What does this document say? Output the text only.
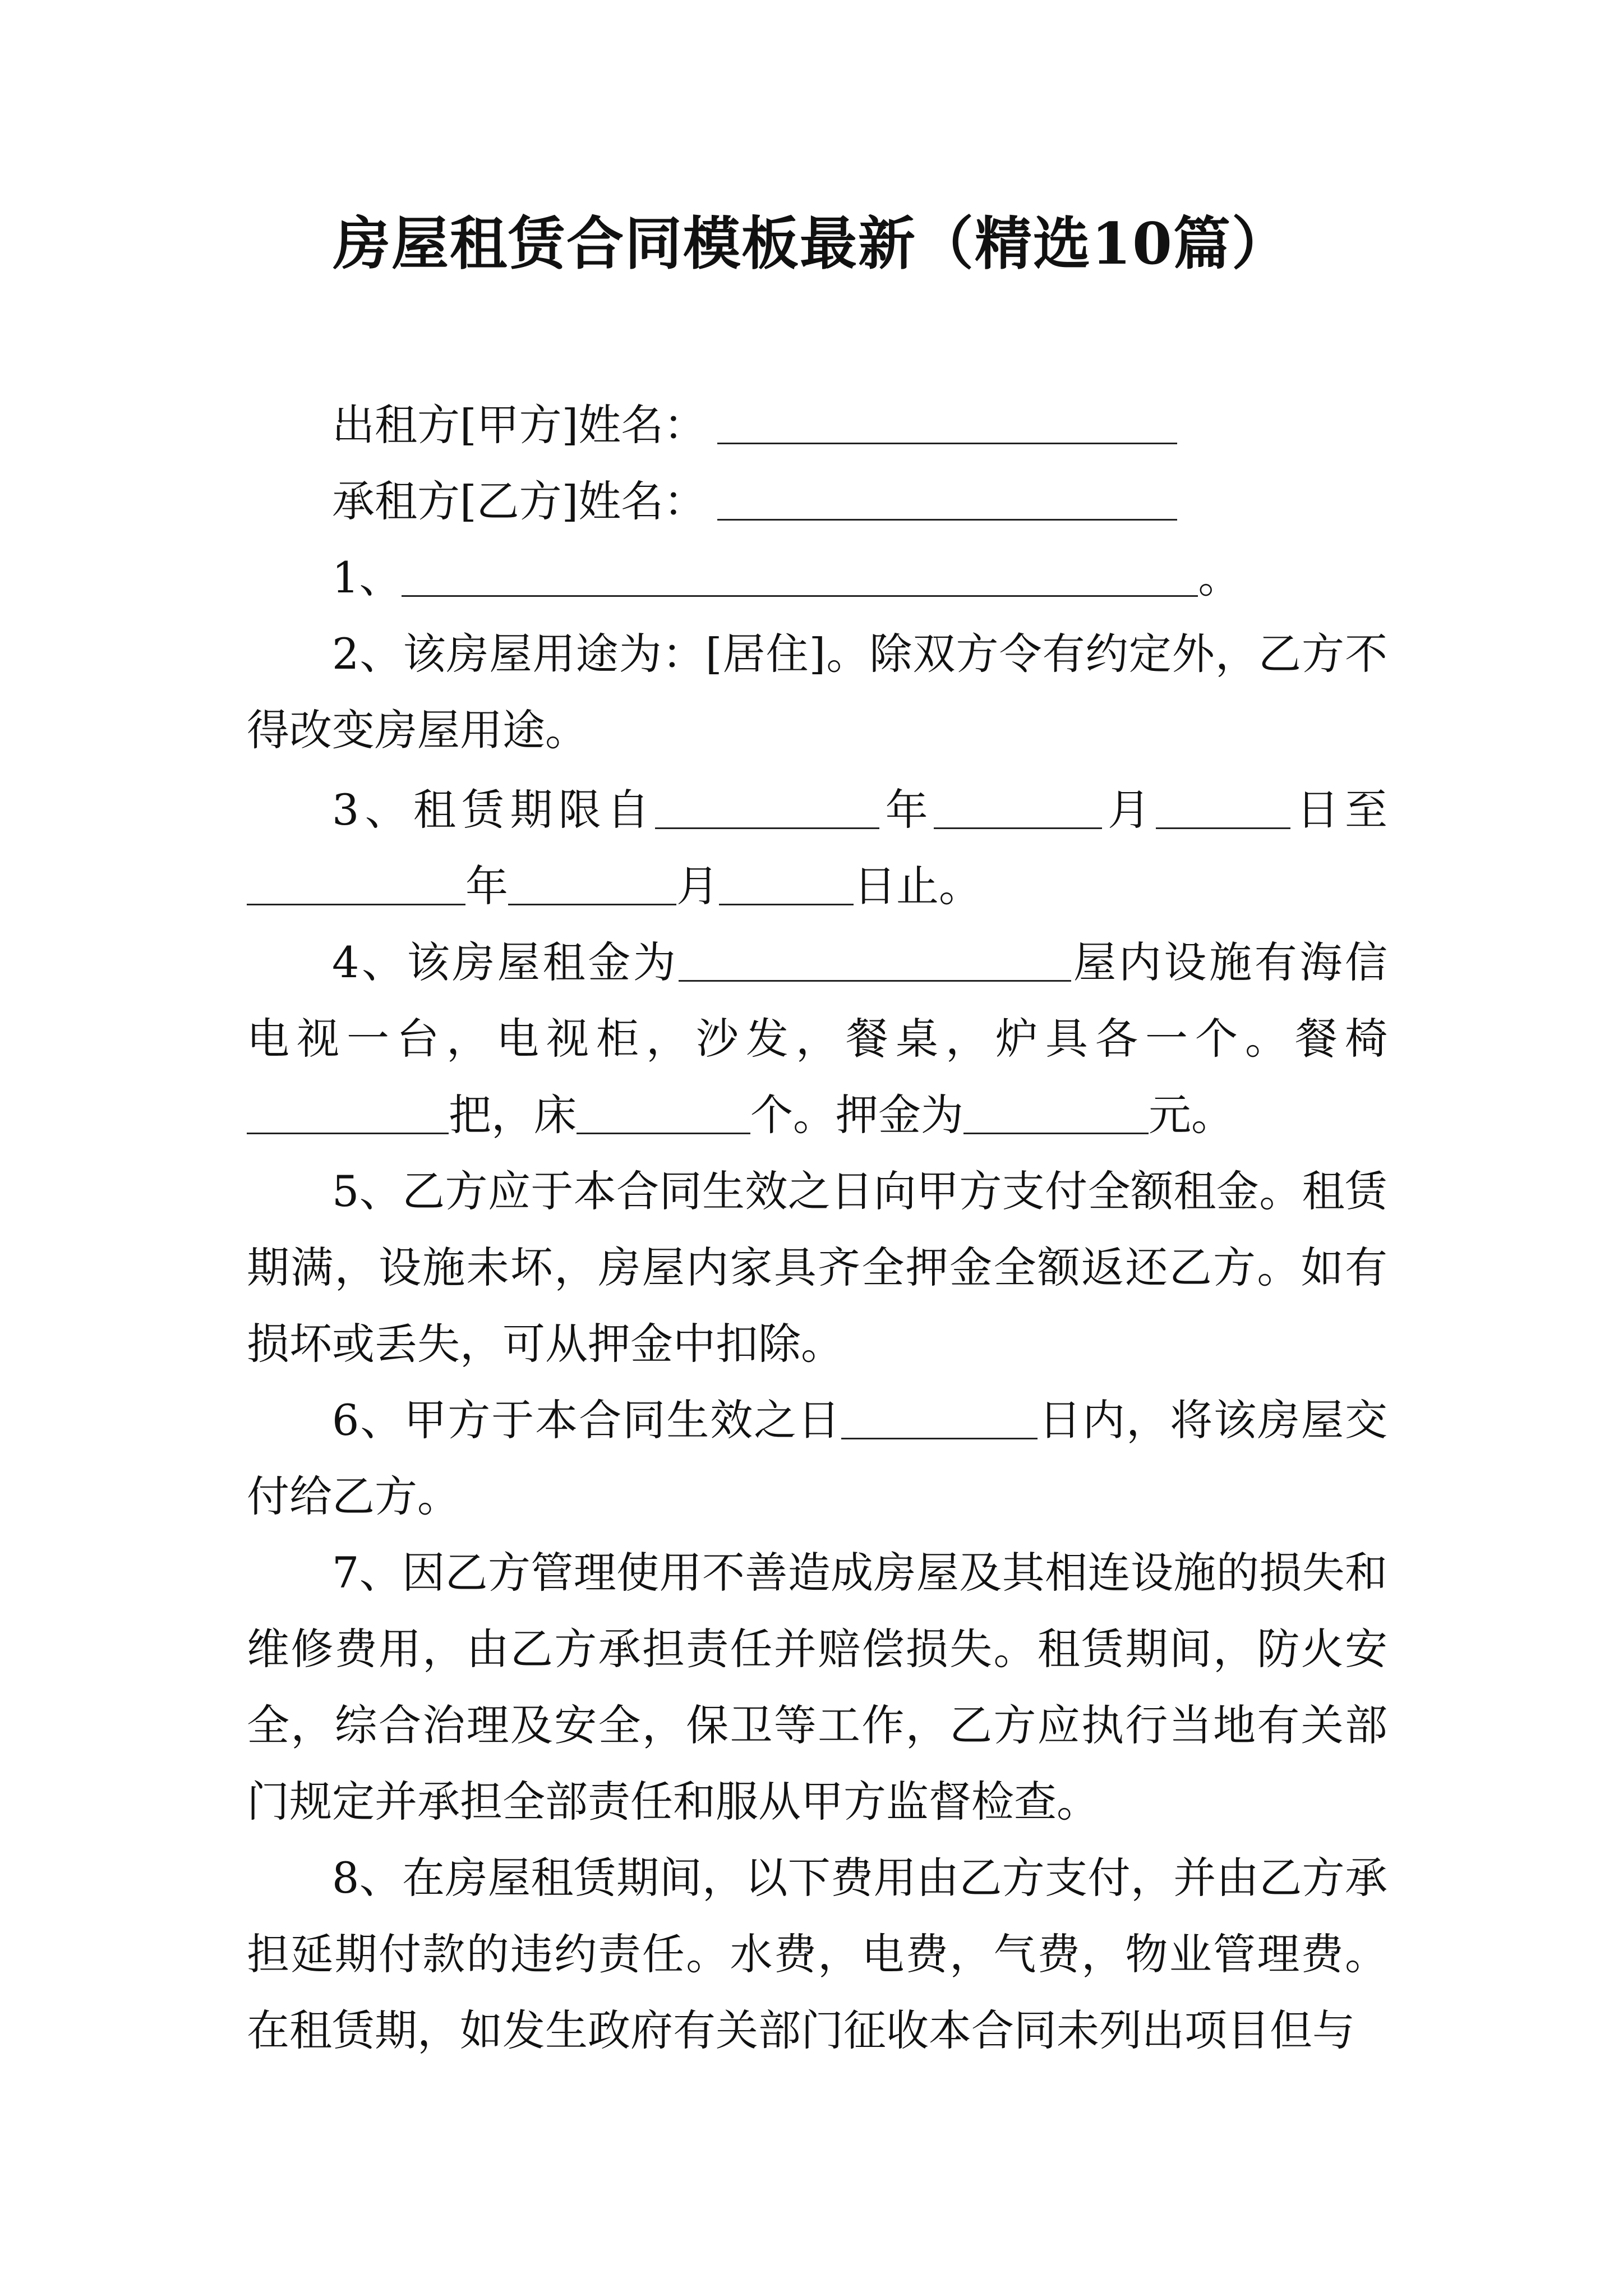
房屋租赁合同模板最新（精选10篇）

出租方[甲方]姓名：

承租方[乙方]姓名：

1、	。

2、该房屋用途为：[居住]。除双方令有约定外，乙方不得改变房屋用途。

3、租赁期限自	年	月	日至年	月	日止。

4、该房屋租金为	屋内设施有海信电视一台，电视柜，沙发，餐桌，炉具各一个。餐椅把，床	个。押金为	元。

5、乙方应于本合同生效之日向甲方支付全额租金。租赁期满，设施未坏，房屋内家具齐全押金全额返还乙方。如有损坏或丢失，可从押金中扣除。

6、甲方于本合同生效之日	日内，将该房屋交付给乙方。

7、因乙方管理使用不善造成房屋及其相连设施的损失和维修费用，由乙方承担责任并赔偿损失。租赁期间，防火安全，综合治理及安全，保卫等工作，乙方应执行当地有关部门规定并承担全部责任和服从甲方监督检查。

8、在房屋租赁期间，以下费用由乙方支付，并由乙方承担延期付款的违约责任。水费，电费，气费，物业管理费。在租赁期，如发生政府有关部门征收本合同未列出项目但与
